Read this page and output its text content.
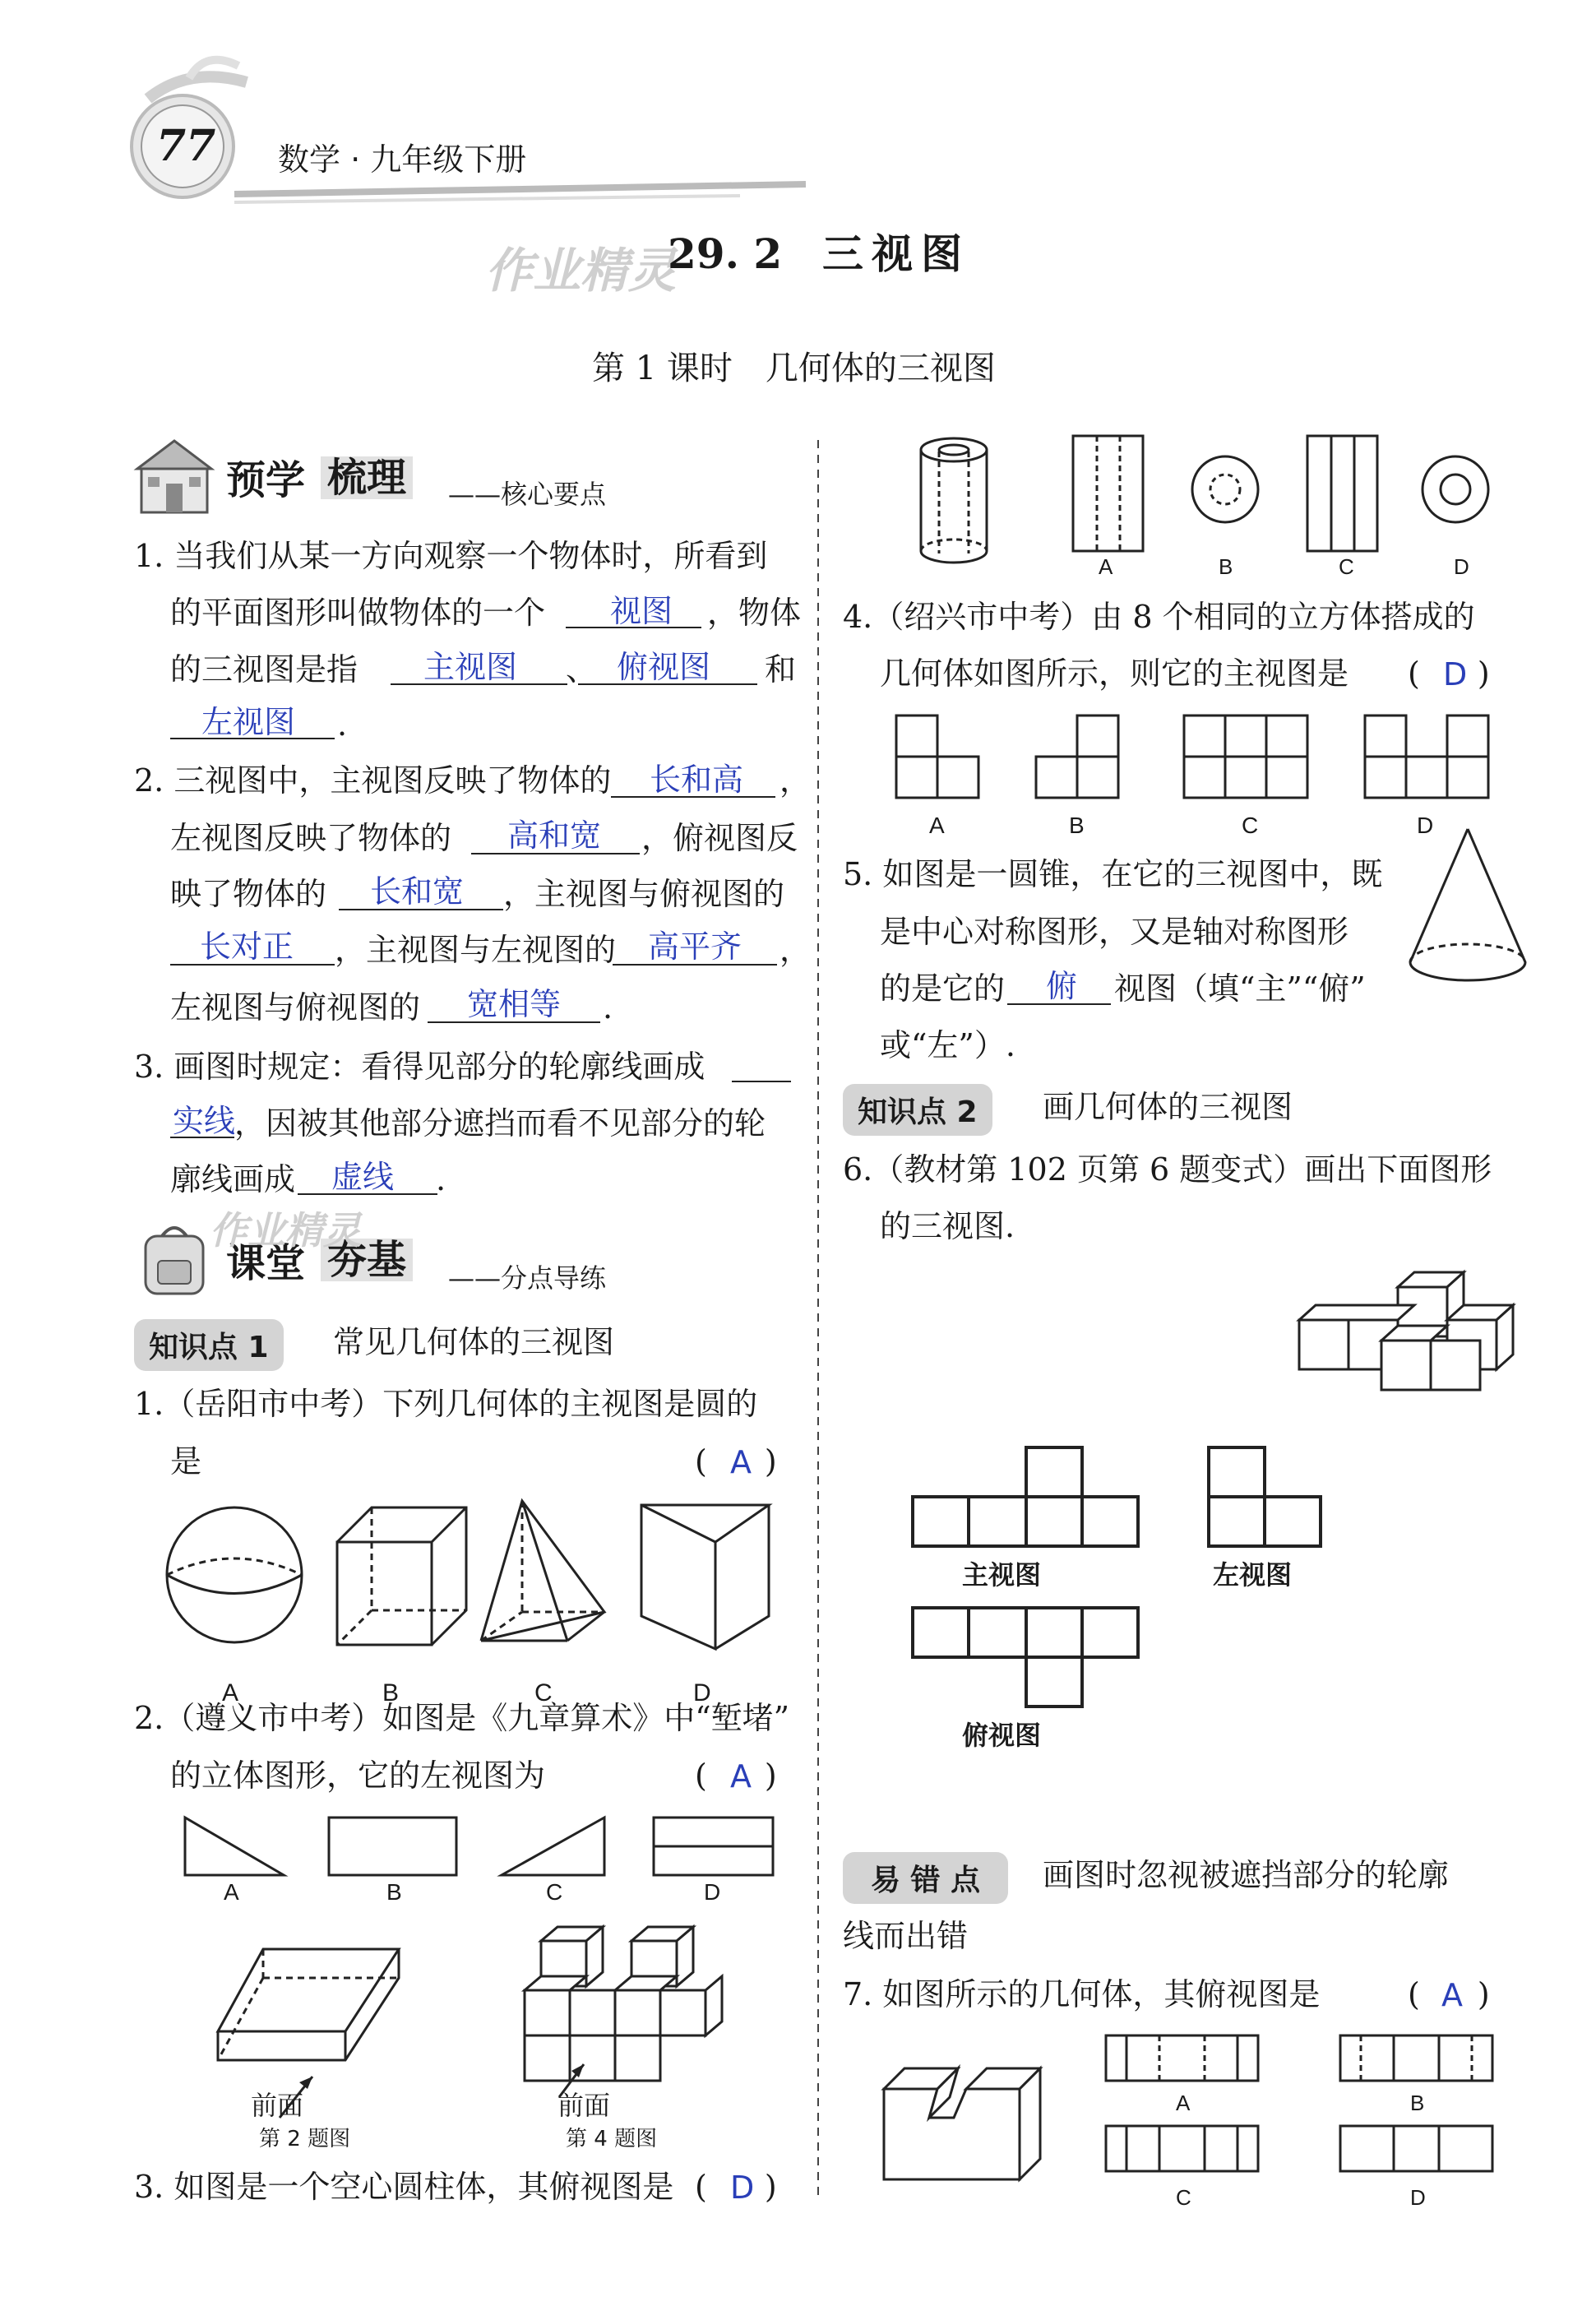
77 数学 · 九年级下册
作业精灵
29. 2 三视图
第 1 课时　几何体的三视图
预学 梳理 ——核心要点
1. 当我们从某一方向观察一个物体时，所看到
的平面图形叫做物体的一个 视图 ，物体
的三视图是指 主视图 、 俯视图 和
左视图 .
2. 三视图中，主视图反映了物体的 长和高 ，
左视图反映了物体的 高和宽 ，俯视图反
映了物体的 长和宽 ，主视图与俯视图的
长对正 ，主视图与左视图的 高平齐 ，
左视图与俯视图的 宽相等 .
3. 画图时规定：看得见部分的轮廓线画成
实线
，因被其他部分遮挡而看不见部分的轮
廓线画成 虚线 .
课堂 夯基 ——分点导练
作业精灵
知识点 1	常见几何体的三视图
1.（岳阳市中考）下列几何体的主视图是圆的
是	( )
A
A	B	C	D
2.（遵义市中考）如图是《九章算术》中“堑堵”
的立体图形，它的左视图为	( )
A
A	B	C	D
前面
第 2 题图
前面
第 4 题图
3. 如图是一个空心圆柱体，其俯视图是 ( )
D
A	B	C	D
4.（绍兴市中考）由 8 个相同的立方体搭成的
几何体如图所示，则它的主视图是 ( )
D
A	B	C	D
5. 如图是一圆锥，在它的三视图中，既
是中心对称图形，又是轴对称图形
的是它的 俯 视图（填“主”“俯”
或“左”）.
知识点 2	画几何体的三视图
6.（教材第 102 页第 6 题变式）画出下面图形
的三视图.
主视图	左视图
俯视图
易 错 点	画图时忽视被遮挡部分的轮廓
线而出错
7. 如图所示的几何体，其俯视图是	( )
A
A	B
C	D
